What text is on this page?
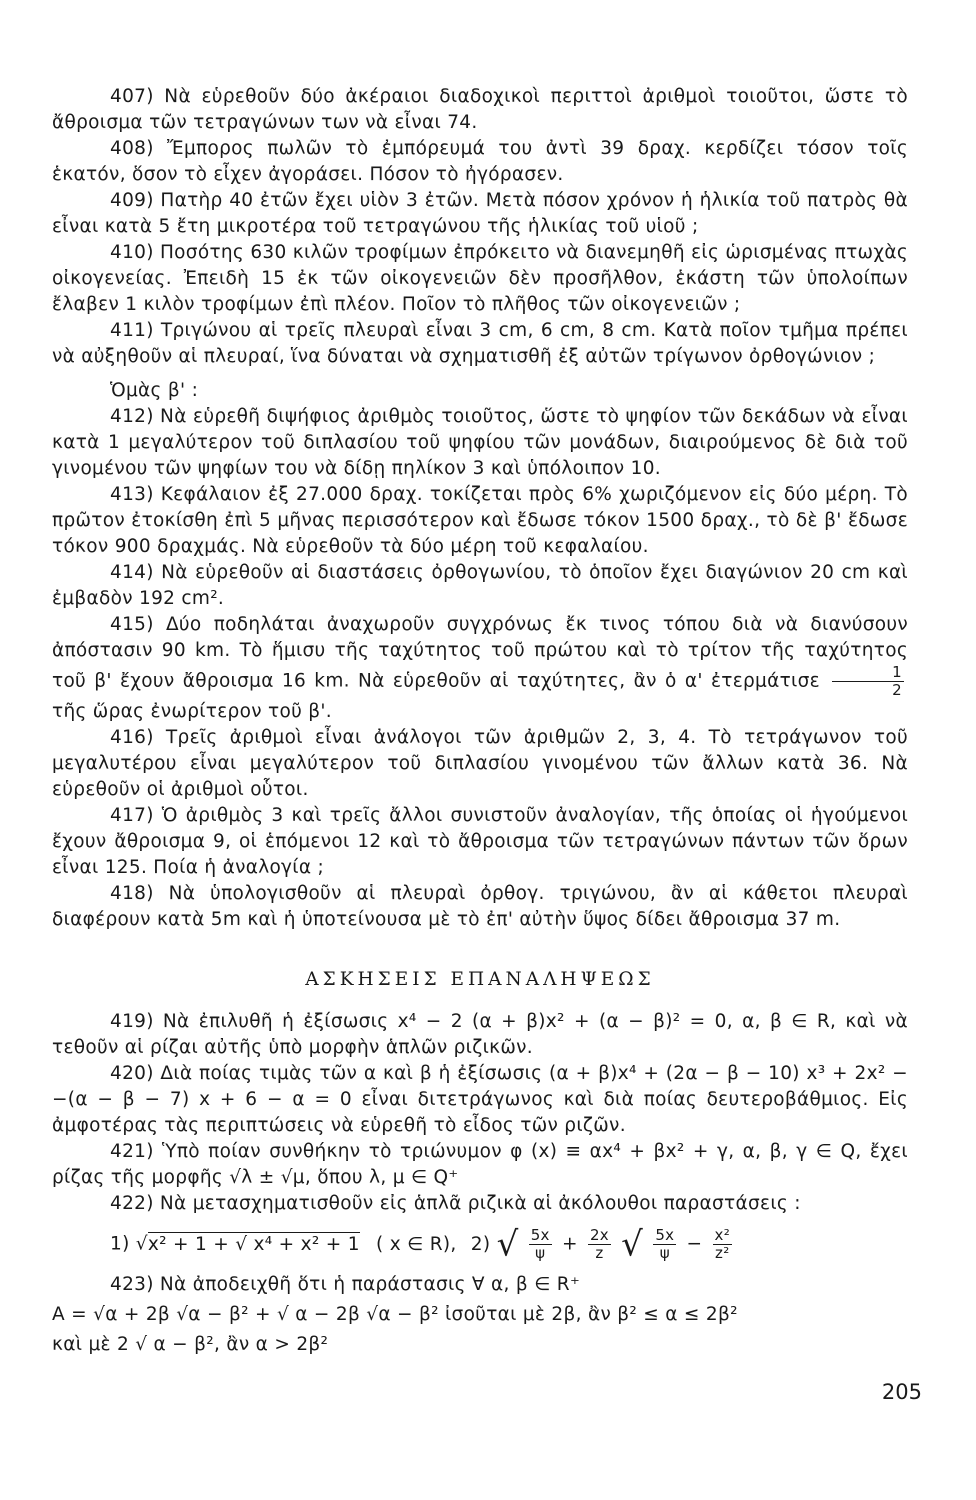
407) Νὰ εὑρεθοῦν δύο ἀκέραιοι διαδοχικοὶ περιττοὶ ἀριθμοὶ τοιοῦτοι, ὥστε τὸ ἄθροισμα τῶν τετραγώνων των νὰ εἶναι 74.

408) Ἔμπορος πωλῶν τὸ ἐμπόρευμά του ἀντὶ 39 δραχ. κερδίζει τόσον τοῖς ἑκατόν, ὅσον τὸ εἶχεν ἀγοράσει. Πόσον τὸ ἠγόρασεν.

409) Πατὴρ 40 ἐτῶν ἔχει υἱὸν 3 ἐτῶν. Μετὰ πόσον χρόνον ἡ ἡλικία τοῦ πατρὸς θὰ εἶναι κατὰ 5 ἔτη μικροτέρα τοῦ τετραγώνου τῆς ἡλικίας τοῦ υἱοῦ ;

410) Ποσότης 630 κιλῶν τροφίμων ἐπρόκειτο νὰ διανεμηθῆ εἰς ὡρισμένας πτωχὰς οἰκογενείας. Ἐπειδὴ 15 ἐκ τῶν οἰκογενειῶν δὲν προσῆλθον, ἑκάστη τῶν ὑπολοίπων ἔλαβεν 1 κιλὸν τροφίμων ἐπὶ πλέον. Ποῖον τὸ πλῆθος τῶν οἰκογενειῶν ;

411) Τριγώνου αἱ τρεῖς πλευραὶ εἶναι 3 cm, 6 cm, 8 cm. Κατὰ ποῖον τμῆμα πρέπει νὰ αὐξηθοῦν αἱ πλευραί, ἵνα δύναται νὰ σχηματισθῆ ἐξ αὐτῶν τρίγωνον ὀρθογώνιον ;

Ὁμὰς β' :

412) Νὰ εὑρεθῆ διψήφιος ἀριθμὸς τοιοῦτος, ὥστε τὸ ψηφίον τῶν δεκάδων νὰ εἶναι κατὰ 1 μεγαλύτερον τοῦ διπλασίου τοῦ ψηφίου τῶν μονάδων, διαιρούμενος δὲ διὰ τοῦ γινομένου τῶν ψηφίων του νὰ δίδῃ πηλίκον 3 καὶ ὑπόλοιπον 10.

413) Κεφάλαιον ἐξ 27.000 δραχ. τοκίζεται πρὸς 6% χωριζόμενον εἰς δύο μέρη. Τὸ πρῶτον ἐτοκίσθη ἐπὶ 5 μῆνας περισσότερον καὶ ἔδωσε τόκον 1500 δραχ., τὸ δὲ β' ἔδωσε τόκον 900 δραχμάς. Νὰ εὑρεθοῦν τὰ δύο μέρη τοῦ κεφαλαίου.

414) Νὰ εὑρεθοῦν αἱ διαστάσεις ὀρθογωνίου, τὸ ὁποῖον ἔχει διαγώνιον 20 cm καὶ ἐμβαδὸν 192 cm².

415) Δύο ποδηλάται ἀναχωροῦν συγχρόνως ἔκ τινος τόπου διὰ νὰ διανύσουν ἀπόστασιν 90 km. Τὸ ἥμισυ τῆς ταχύτητος τοῦ πρώτου καὶ τὸ τρίτον τῆς ταχύτητος τοῦ β' ἔχουν ἄθροισμα 16 km. Νὰ εὑρεθοῦν αἱ ταχύτητες, ἂν ὁ α' ἐτερμάτισε $\frac{1}{2}$
τῆς ὥρας ἐνωρίτερον τοῦ β'.

416) Τρεῖς ἀριθμοὶ εἶναι ἀνάλογοι τῶν ἀριθμῶν 2, 3, 4. Τὸ τετράγωνον τοῦ μεγαλυτέρου εἶναι μεγαλύτερον τοῦ διπλασίου γινομένου τῶν ἄλλων κατὰ 36. Νὰ εὑρεθοῦν οἱ ἀριθμοὶ οὗτοι.

417) Ὁ ἀριθμὸς 3 καὶ τρεῖς ἄλλοι συνιστοῦν ἀναλογίαν, τῆς ὁποίας οἱ ἡγούμενοι ἔχουν ἄθροισμα 9, οἱ ἑπόμενοι 12 καὶ τὸ ἄθροισμα τῶν τετραγώνων πάντων τῶν ὅρων εἶναι 125. Ποία ἡ ἀναλογία ;

418) Νὰ ὑπολογισθοῦν αἱ πλευραὶ ὀρθογ. τριγώνου, ἂν αἱ κάθετοι πλευραὶ διαφέρουν κατὰ 5m καὶ ἡ ὑποτείνουσα μὲ τὸ ἐπ' αὐτὴν ὕψος δίδει ἄθροισμα 37 m.

ΑΣΚΗΣΕΙΣ ΕΠΑΝΑΛΗΨΕΩΣ

419) Νὰ ἐπιλυθῆ ἡ ἐξίσωσις x⁴ − 2 (α + β)x² + (α − β)² = 0, α, β ∈ R, καὶ νὰ τεθοῦν αἱ ρίζαι αὐτῆς ὑπὸ μορφὴν ἁπλῶν ριζικῶν.

420) Διὰ ποίας τιμὰς τῶν α καὶ β ἡ ἐξίσωσις (α + β)x⁴ + (2α − β − 10) x³ + 2x² − −(α − β − 7) x + 6 − α = 0 εἶναι διτετράγωνος καὶ διὰ ποίας δευτεροβάθμιος. Εἰς ἀμφοτέρας τὰς περιπτώσεις νὰ εὑρεθῆ τὸ εἶδος τῶν ριζῶν.

421) Ὑπὸ ποίαν συνθήκην τὸ τριώνυμον φ (x) ≡ αx⁴ + βx² + γ, α, β, γ ∈ Q, ἔχει ρίζας τῆς μορφῆς √λ ± √μ, ὅπου λ, μ ∈ Q⁺

422) Νὰ μετασχηματισθοῦν εἰς ἁπλᾶ ριζικὰ αἱ ἀκόλουθοι παραστάσεις :

1) √x² + 1 + √ x⁴ + x² + 1 ( x ∈ R), 2) √ $\frac{5x}{\psi} + \frac{2x}{z}$ √ $\frac{5x}{\psi} - \frac{\text{x²}}{\text{z²}}$

423) Νὰ ἀποδειχθῆ ὅτι ἡ παράστασις ∀ α, β ∈ R⁺

A = √α + 2β √α − β² + √ α − 2β √α − β² ἰσοῦται μὲ 2β, ἂν β² ≤ α ≤ 2β²

καὶ μὲ 2 √ α − β², ἂν α > 2β²

205
